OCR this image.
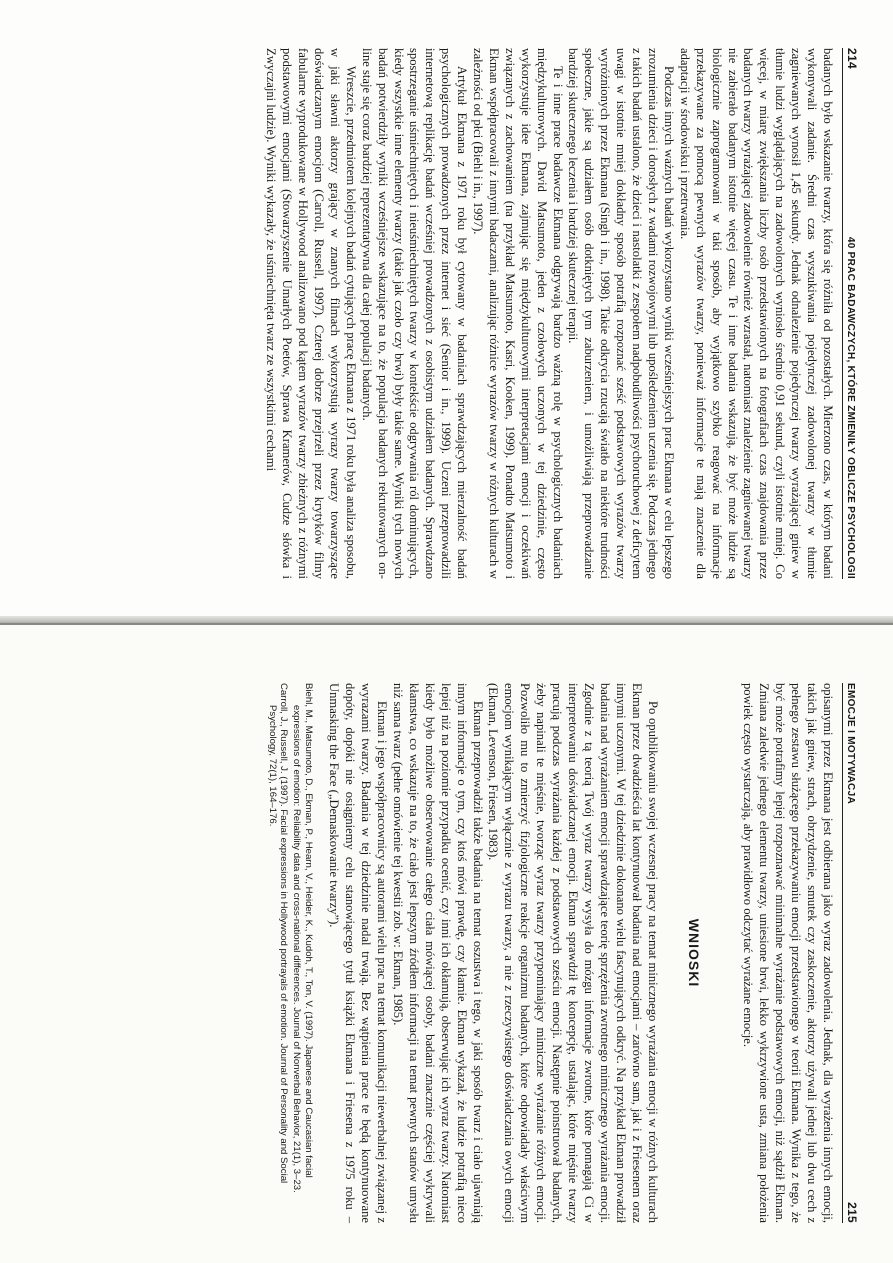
214
40 PRAC BADAWCZYCH, KTÓRE ZMIENIŁY OBLICZE PSYCHOLOGII

badanych było wskazanie twarzy, która się różniła od pozostałych. Mierzono czas, w którym badani wykonywali zadanie. Średni czas wyszukiwania pojedynczej zadowolonej twarzy w tłumie zagniewanych wynosił 1,45 sekundy. Jednak odnalezienie pojedynczej twarzy wyrażającej gniew w tłumie ludzi wyglądających na zadowolonych wyniosło średnio 0,91 sekund, czyli istotnie mniej. Co więcej, w miarę zwiększania liczby osób przedstawionych na fotografiach czas znajdowania przez badanych twarzy wyrażającej zadowolenie również wzrastał, natomiast znalezienie zagniewanej twarzy nie zabierało badanym istotnie więcej czasu. Te i inne badania wskazują, że być może ludzie są biologicznie zaprogramowani w taki sposób, aby wyjątkowo szybko reagować na informacje przekazywane za pomocą pewnych wyrazów twarzy, ponieważ informacje te mają znaczenie dla adaptacji w środowisku i przetrwania.

Podczas innych ważnych badań wykorzystano wyniki wcześniejszych prac Ekmana w celu lepszego zrozumienia dzieci i dorosłych z wadami rozwojowymi lub upośledzeniem uczenia się. Podczas jednego z takich badań ustalono, że dzieci i nastolatki z zespołem nadpobudliwości psychoruchowej z deficytem uwagi w istotnie mniej dokładny sposób potrafią rozpoznać sześć podstawowych wyrazów twarzy wyróżnionych przez Ekmana (Singh i in., 1998). Takie odkrycia rzucają światło na niektóre trudności społeczne, jakie są udziałem osób dotkniętych tym zaburzeniem, i umożliwiają przeprowadzanie bardziej skutecznego leczenia i bardziej skutecznej terapii.

Te i inne prace badawcze Ekmana odgrywają bardzo ważną rolę w psychologicznych badaniach międzykulturowych. David Matsumoto, jeden z czołowych uczonych w tej dziedzinie, często wykorzystuje idee Ekmana, zajmując się międzykulturowymi interpretacjami emocji i oczekiwań związanych z zachowaniem (na przykład Matsumoto, Kasri, Kooken, 1999). Ponadto Matsumoto i Ekman współpracowali z innymi badaczami, analizując różnice wyrazów twarzy w różnych kulturach w zależności od płci (Biehl i in., 1997).

Artykuł Ekmana z 1971 roku był cytowany w badaniach sprawdzających mierzalność badań psychologicznych prowadzonych przez internet i sieć (Senior i in., 1999). Uczeni przeprowadzili internetową replikację badań wcześniej prowadzonych z osobistym udziałem badanych. Sprawdzano spostrzeganie uśmiechniętych i nieuśmiechniętych twarzy w kontekście odgrywania ról dominujących, kiedy wszystkie inne elementy twarzy (takie jak czoło czy brwi) były takie same. Wyniki tych nowych badań potwierdziły wyniki wcześniejsze wskazujące na to, że populacja badanych rekrutowanych on-line staje się coraz bardziej reprezentatywna dla całej populacji badanych.

Wreszcie, przedmiotem kolejnych badań cytujących pracę Ekmana z 1971 roku była analiza sposobu, w jaki sławni aktorzy grający w znanych filmach wykorzystują wyrazy twarzy towarzyszące doświadczanym emocjom (Carroll, Russell, 1997). Czterej dobrze przejrzeli przez krytyków filmy fabularne wyprodukowane w Hollywood analizowano pod kątem wyrazów twarzy zbieżnych z różnymi podstawowymi emocjami (Stowarzyszenie Umarłych Poetów, Sprawa Kramerów, Cudze słówka i Zwyczajni ludzie). Wyniki wykazały, że uśmiechnięta twarz ze wszystkimi cechami

EMOCJE I MOTYWACJA
215

opisanymi przez Ekmana jest odbierana jako wyraz zadowolenia. Jednak, dla wyrażenia innych emocji, takich jak gniew, strach, obrzydzenie, smutek czy zaskoczenie, aktorzy używali jednej lub dwu cech z pełnego zestawu służącego przekazywaniu emocji przedstawionego w teorii Ekmana. Wynika z tego, że być może potrafimy lepiej rozpoznawać minimalne wyrażanie podstawowych emocji, niż sądził Ekman. Zmiana zaledwie jednego elementu twarzy, uniesione brwi, lekko wykrzywione usta, zmiana położenia powiek często wystarczają, aby prawidłowo odczytać wyrażane emocje.

WNIOSKI

Po opublikowaniu swojej wczesnej pracy na temat minicznego wyrażania emocji w różnych kulturach Ekman przez dwadzieścia lat kontynuował badania nad emocjami – zarówno sam, jak i z Friesenem oraz innymi uczonymi. W tej dziedzinie dokonano wielu fascynujących odkryć. Na przykład Ekman prowadził badania nad wyrażaniem emocji sprawdzające teorię sprzężenia zwrotnego mimicznego wyrażania emocji. Zgodnie z tą teorią Twój wyraz twarzy wysyła do mózgu informacje zwrotne, które pomagają Ci w interpretowaniu doświadczanej emocji. Ekman sprawdził tę koncepcję, ustalając, które mięśnie twarzy pracują podczas wyrażania każdej z podstawowych sześciu emocji. Następnie poinstruował badanych, żeby napinali te mięśnie, tworząc wyraz twarzy przypominający mimiczne wyrażanie różnych emocji. Pozwoliło mu to zmierzyć fizjologiczne reakcje organizmu badanych, które odpowiadały właściwym emocjom wynikającym wyłącznie z wyrazu twarzy, a nie z rzeczywistego doświadczania owych emocji (Ekman, Levenson, Friesen, 1983).

Ekman przeprowadził także badania na temat oszustwa i tego, w jaki sposób twarz i ciało ujawniają innym informacje o tym, czy ktoś mówi prawdę, czy kłamie. Ekman wykazał, że ludzie potrafią nieco lepiej niż na poziomie przypadku ocenić, czy inni ich okłamują, obserwując ich wyraz twarzy. Natomiast kiedy było możliwe obserwowanie całego ciała mówiącej osoby, badani znacznie częściej wykrywali kłamstwa, co wskazuje na to, że ciało jest lepszym źródłem informacji na temat pewnych stanów umysłu niż sama twarz (pełne omówienie tej kwestii zob. w: Ekman, 1985).

Ekman i jego współpracownicy są autorami wielu prac na temat komunikacji niewerbalnej związanej z wyrazami twarzy. Badania w tej dziedzinie nadal trwają. Bez wątpienia prace te będą kontynuowane dopóty, dopóki nie osiągniemy celu stanowiącego tytuł książki Ekmana i Friesena z 1975 roku – Unmasking the Face („Demaskowanie twarzy”).

Biehl, M., Matsumoto, D., Ekman, P., Hearn, V., Heider, K., Kudoh, T., Ton, V. (1997). Japanese and Caucasian facial expressions of emotion: Reliability data and cross-national differences. Journal of Nonverbal Behavior, 21(1), 3–23.

Carroll, J., Russell, J. (1997). Facial expressions in Hollywood portrayals of emotion. Journal of Personality and Social Psychology, 72(1), 164–176.
